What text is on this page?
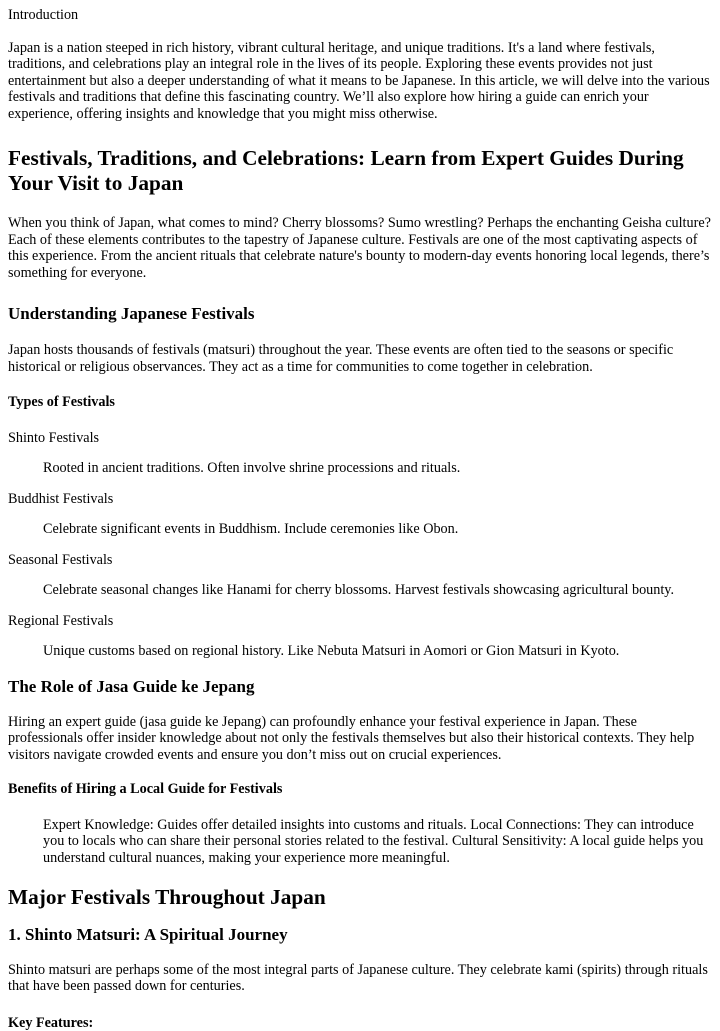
Introduction

Japan is a nation steeped in rich history, vibrant cultural heritage, and unique traditions. It's a land where festivals, traditions, and celebrations play an integral role in the lives of its people. Exploring these events provides not just entertainment but also a deeper understanding of what it means to be Japanese. In this article, we will delve into the various festivals and traditions that define this fascinating country. We’ll also explore how hiring a guide can enrich your experience, offering insights and knowledge that you might miss otherwise.

Festivals, Traditions, and Celebrations: Learn from Expert Guides During Your Visit to Japan

When you think of Japan, what comes to mind? Cherry blossoms? Sumo wrestling? Perhaps the enchanting Geisha culture? Each of these elements contributes to the tapestry of Japanese culture. Festivals are one of the most captivating aspects of this experience. From the ancient rituals that celebrate nature's bounty to modern-day events honoring local legends, there’s something for everyone.

Understanding Japanese Festivals

Japan hosts thousands of festivals (matsuri) throughout the year. These events are often tied to the seasons or specific historical or religious observances. They act as a time for communities to come together in celebration.

Types of Festivals

Shinto Festivals

Rooted in ancient traditions. Often involve shrine processions and rituals.

Buddhist Festivals

Celebrate significant events in Buddhism. Include ceremonies like Obon.

Seasonal Festivals

Celebrate seasonal changes like Hanami for cherry blossoms. Harvest festivals showcasing agricultural bounty.

Regional Festivals

Unique customs based on regional history. Like Nebuta Matsuri in Aomori or Gion Matsuri in Kyoto.

The Role of Jasa Guide ke Jepang

Hiring an expert guide (jasa guide ke Jepang) can profoundly enhance your festival experience in Japan. These professionals offer insider knowledge about not only the festivals themselves but also their historical contexts. They help visitors navigate crowded events and ensure you don’t miss out on crucial experiences.

Benefits of Hiring a Local Guide for Festivals

Expert Knowledge: Guides offer detailed insights into customs and rituals. Local Connections: They can introduce you to locals who can share their personal stories related to the festival. Cultural Sensitivity: A local guide helps you understand cultural nuances, making your experience more meaningful.

Major Festivals Throughout Japan
1. Shinto Matsuri: A Spiritual Journey

Shinto matsuri are perhaps some of the most integral parts of Japanese culture. They celebrate kami (spirits) through rituals that have been passed down for centuries.

Key Features:
